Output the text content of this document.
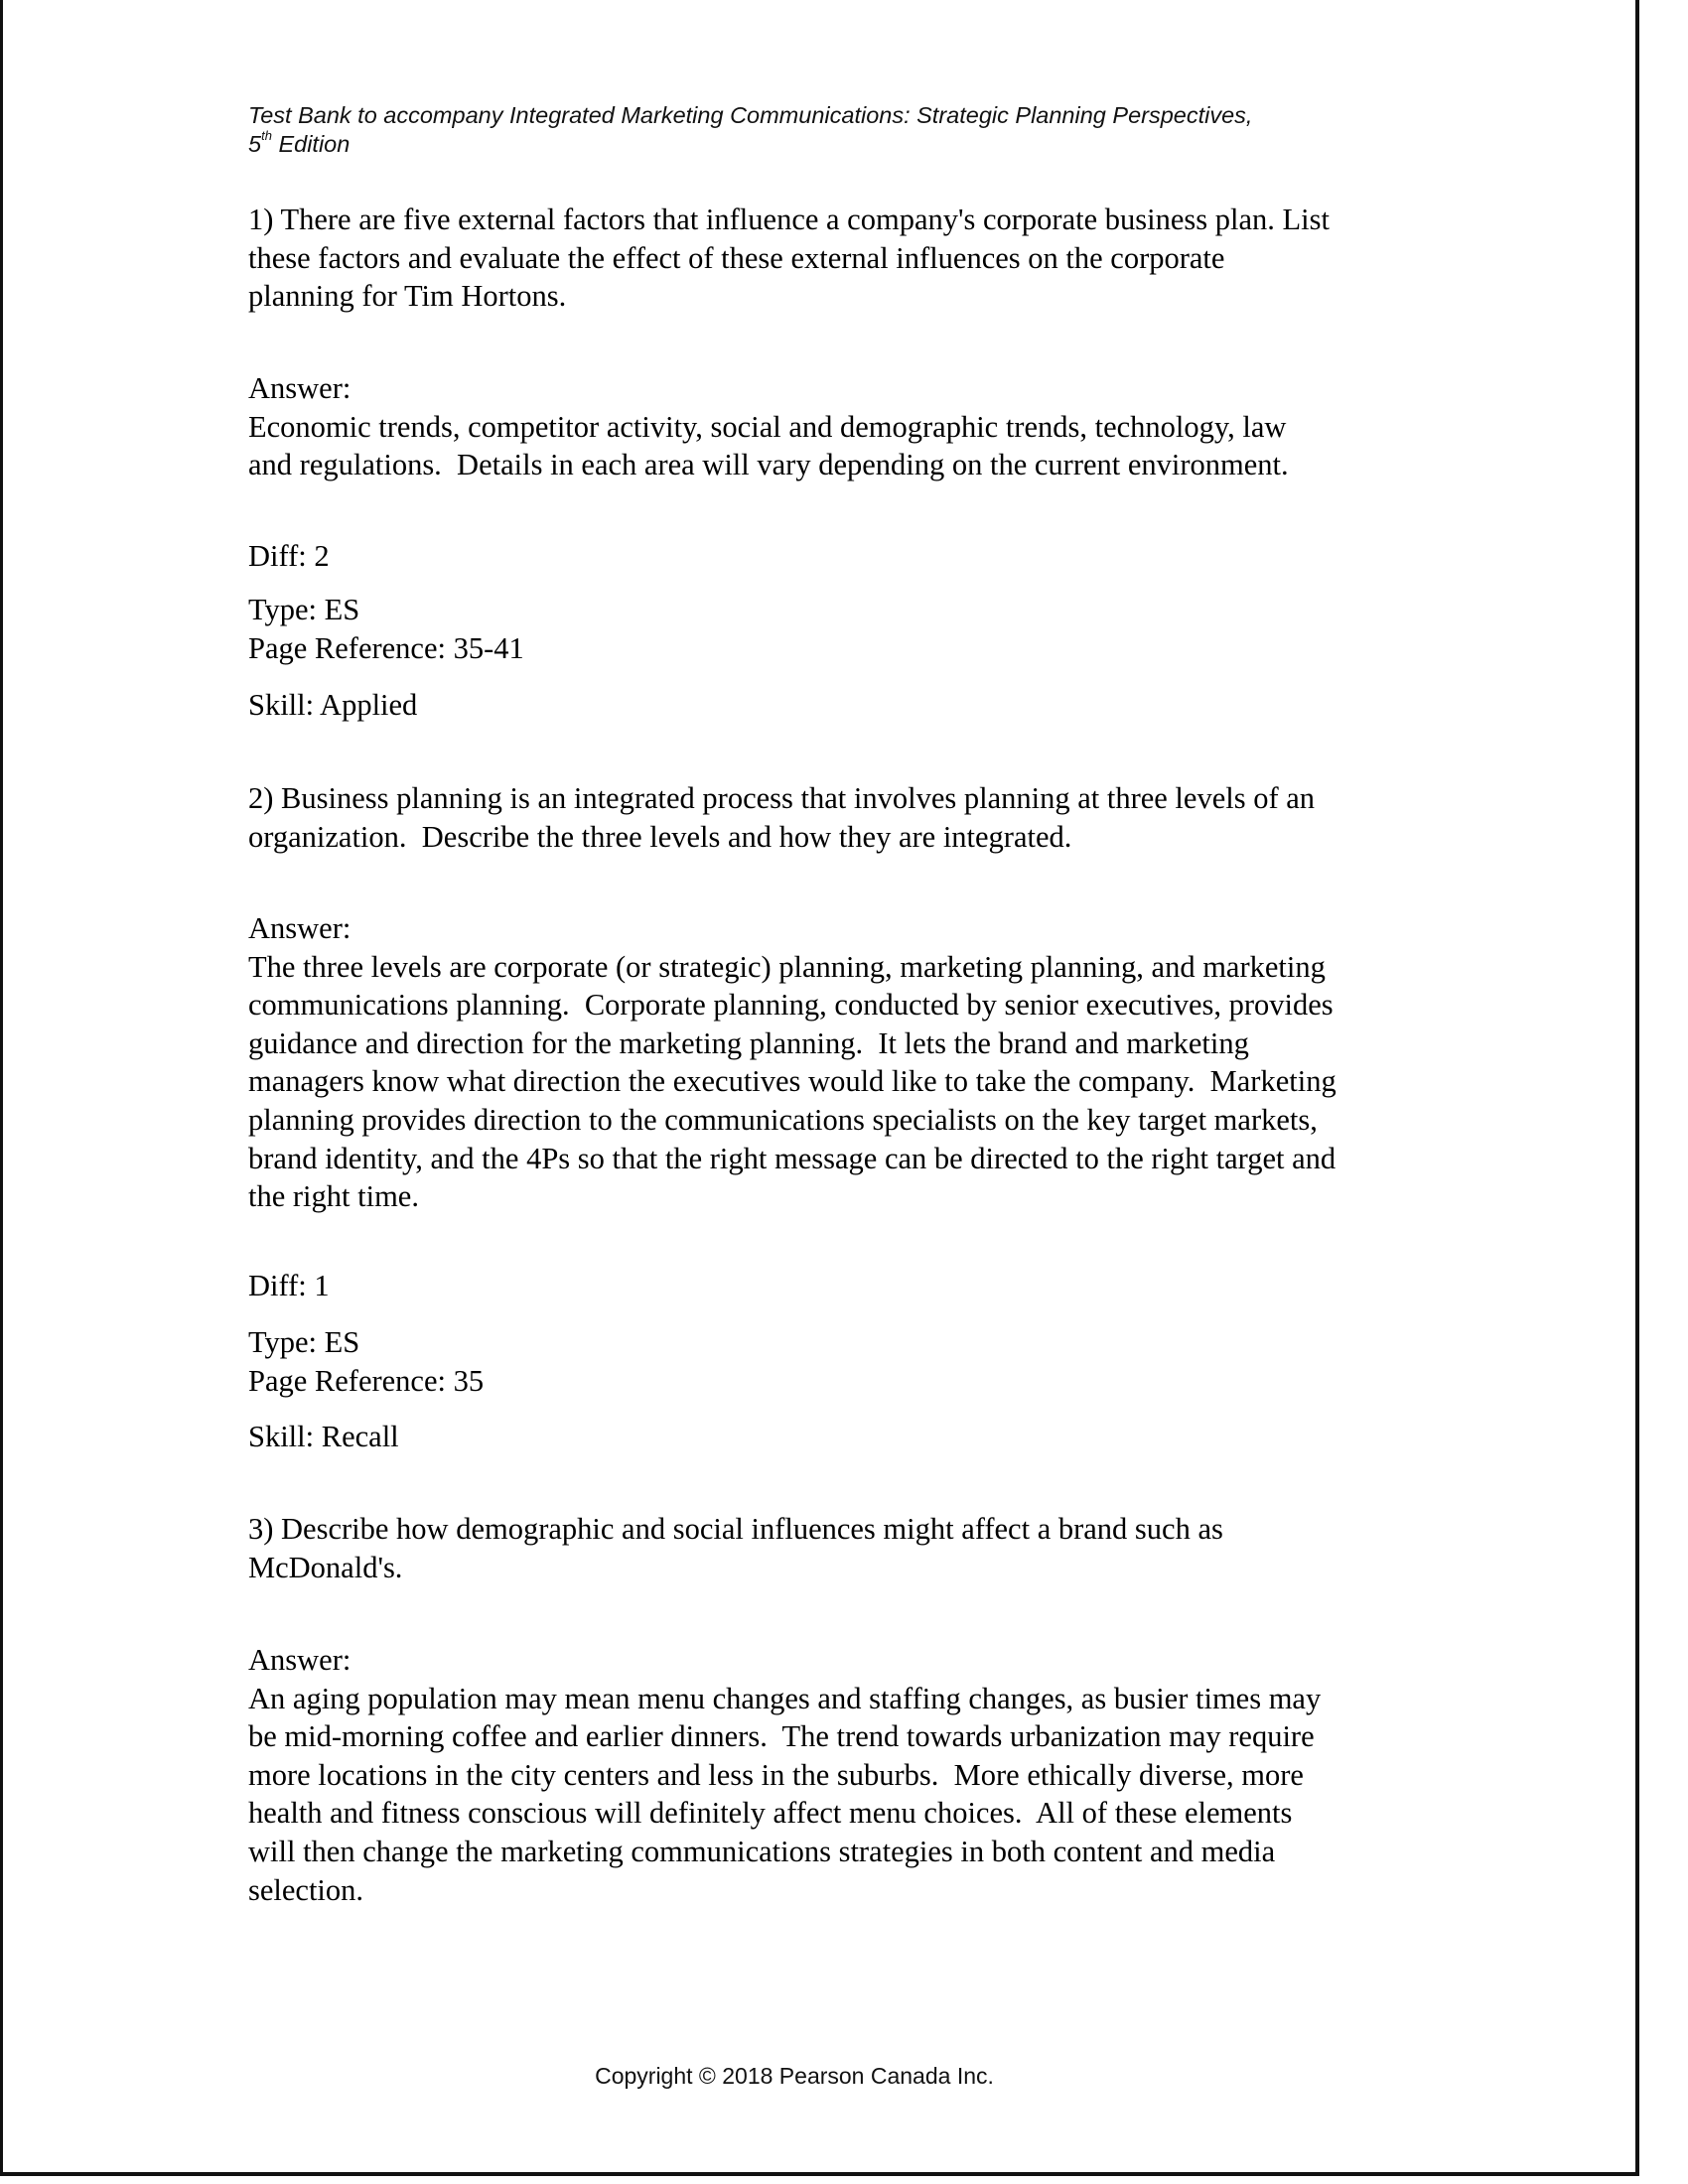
Test Bank to accompany Integrated Marketing Communications: Strategic Planning Perspectives,
5th Edition
1) There are five external factors that influence a company's corporate business plan. List
these factors and evaluate the effect of these external influences on the corporate
planning for Tim Hortons.
Answer:
Economic trends, competitor activity, social and demographic trends, technology, law
and regulations.  Details in each area will vary depending on the current environment.
Diff: 2
Type: ES
Page Reference: 35-41
Skill: Applied
2) Business planning is an integrated process that involves planning at three levels of an
organization.  Describe the three levels and how they are integrated.
Answer:
The three levels are corporate (or strategic) planning, marketing planning, and marketing
communications planning.  Corporate planning, conducted by senior executives, provides
guidance and direction for the marketing planning.  It lets the brand and marketing
managers know what direction the executives would like to take the company.  Marketing
planning provides direction to the communications specialists on the key target markets,
brand identity, and the 4Ps so that the right message can be directed to the right target and
the right time.
Diff: 1
Type: ES
Page Reference: 35
Skill: Recall
3) Describe how demographic and social influences might affect a brand such as
McDonald's.
Answer:
An aging population may mean menu changes and staffing changes, as busier times may
be mid-morning coffee and earlier dinners.  The trend towards urbanization may require
more locations in the city centers and less in the suburbs.  More ethically diverse, more
health and fitness conscious will definitely affect menu choices.  All of these elements
will then change the marketing communications strategies in both content and media
selection.
Copyright © 2018 Pearson Canada Inc.
